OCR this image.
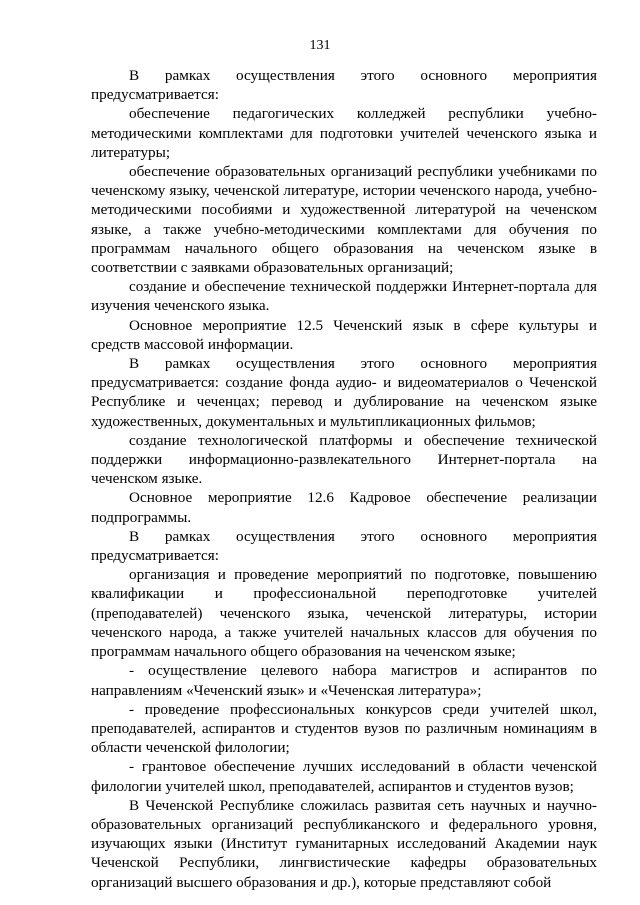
131

В рамках осуществления этого основного мероприятия предусматривается:

обеспечение педагогических колледжей республики учебно-методическими комплектами для подготовки учителей чеченского языка и литературы;

обеспечение образовательных организаций республики учебниками по чеченскому языку, чеченской литературе, истории чеченского народа, учебно-методическими пособиями и художественной литературой на чеченском языке, а также учебно-методическими комплектами для обучения по программам начального общего образования на чеченском языке в соответствии с заявками образовательных организаций;

создание и обеспечение технической поддержки Интернет-портала для изучения чеченского языка.

Основное мероприятие 12.5 Чеченский язык в сфере культуры и средств массовой информации.

В рамках осуществления этого основного мероприятия предусматривается: создание фонда аудио- и видеоматериалов о Чеченской Республике и чеченцах; перевод и дублирование на чеченском языке художественных, документальных и мультипликационных фильмов;

создание технологической платформы и обеспечение технической поддержки информационно-развлекательного Интернет-портала на чеченском языке.

Основное мероприятие 12.6 Кадровое обеспечение реализации подпрограммы.

В рамках осуществления этого основного мероприятия предусматривается:

организация и проведение мероприятий по подготовке, повышению квалификации и профессиональной переподготовке учителей (преподавателей) чеченского языка, чеченской литературы, истории чеченского народа, а также учителей начальных классов для обучения по программам начального общего образования на чеченском языке;

- осуществление целевого набора магистров и аспирантов по направлениям «Чеченский язык» и «Чеченская литература»;

- проведение профессиональных конкурсов среди учителей школ, преподавателей, аспирантов и студентов вузов по различным номинациям в области чеченской филологии;

- грантовое обеспечение лучших исследований в области чеченской филологии учителей школ, преподавателей, аспирантов и студентов вузов;

В Чеченской Республике сложилась развитая сеть научных и научно-образовательных организаций республиканского и федерального уровня, изучающих языки (Институт гуманитарных исследований Академии наук Чеченской Республики, лингвистические кафедры образовательных организаций высшего образования и др.), которые представляют собой
